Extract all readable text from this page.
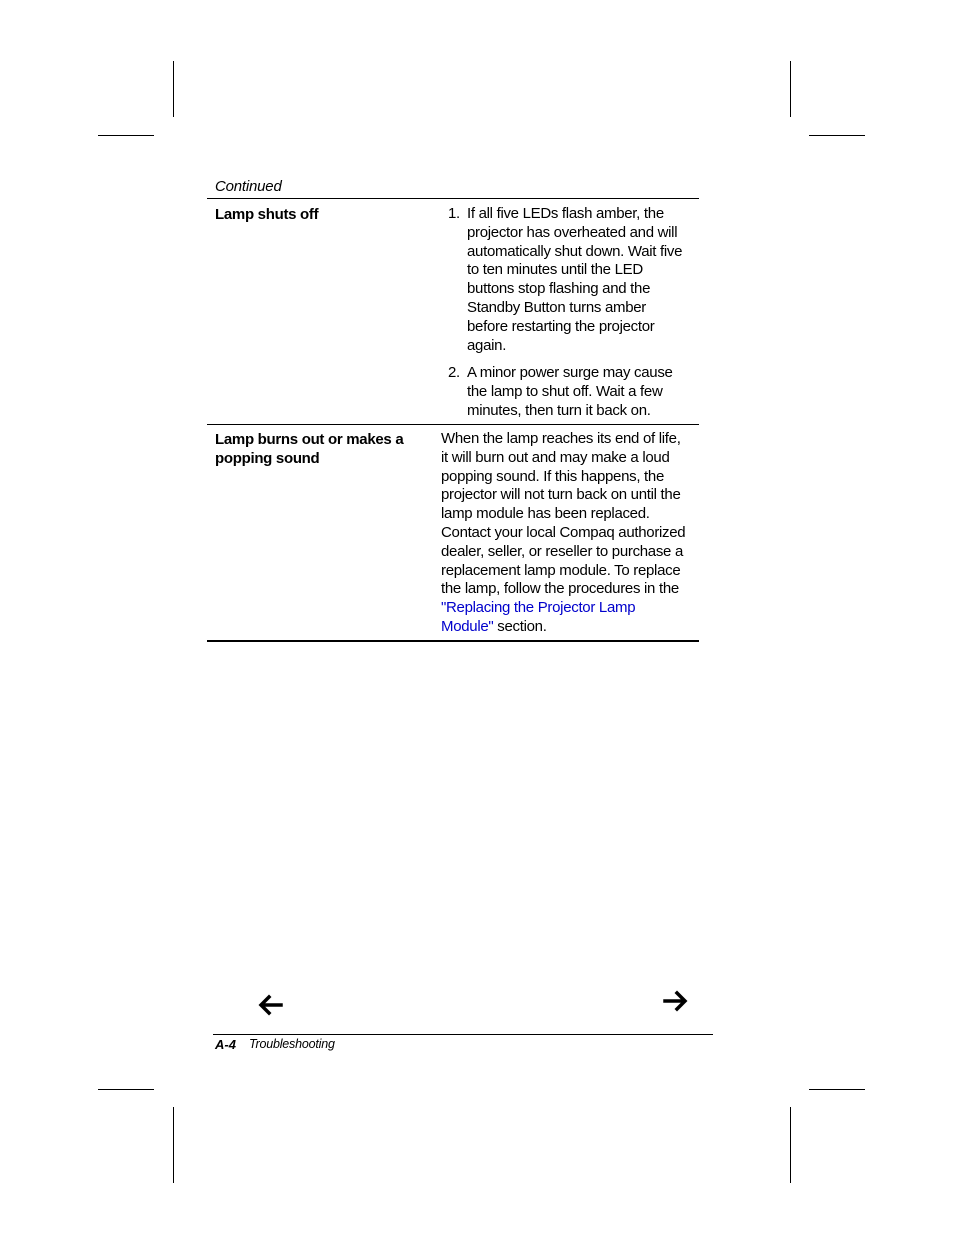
Continued
Lamp shuts off	1. If all five LEDs flash amber, the projector has overheated and will automatically shut down. Wait five to ten minutes until the LED buttons stop flashing and the Standby Button turns amber before restarting the projector again.
2. A minor power surge may cause the lamp to shut off. Wait a few minutes, then turn it back on.
Lamp burns out or makes a popping sound
When the lamp reaches its end of life, it will burn out and may make a loud popping sound. If this happens, the projector will not turn back on until the lamp module has been replaced. Contact your local Compaq authorized dealer, seller, or reseller to purchase a replacement lamp module. To replace the lamp, follow the procedures in the "Replacing the Projector Lamp Module" section.
A-4 Troubleshooting
